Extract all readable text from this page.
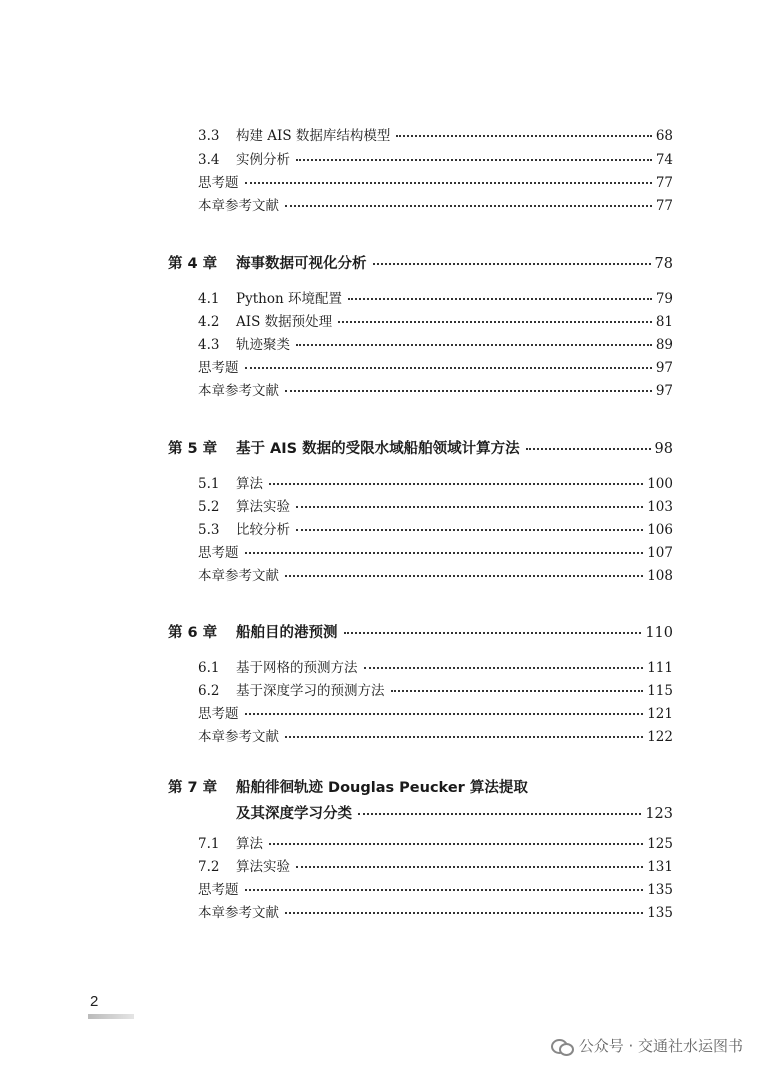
3.3	构建 AIS 数据库结构模型	68
3.4	实例分析	74
思考题	77
本章参考文献	77
第 4 章	海事数据可视化分析	78
4.1	Python 环境配置	79
4.2	AIS 数据预处理	81
4.3	轨迹聚类	89
思考题	97
本章参考文献	97
第 5 章	基于 AIS 数据的受限水域船舶领域计算方法	98
5.1	算法	100
5.2	算法实验	103
5.3	比较分析	106
思考题	107
本章参考文献	108
第 6 章	船舶目的港预测	110
6.1	基于网格的预测方法	111
6.2	基于深度学习的预测方法	115
思考题	121
本章参考文献	122
第 7 章 船舶徘徊轨迹 Douglas Peucker 算法提取
及其深度学习分类	123
7.1	算法	125
7.2	算法实验	131
思考题	135
本章参考文献	135
2
公众号 · 交通社水运图书
